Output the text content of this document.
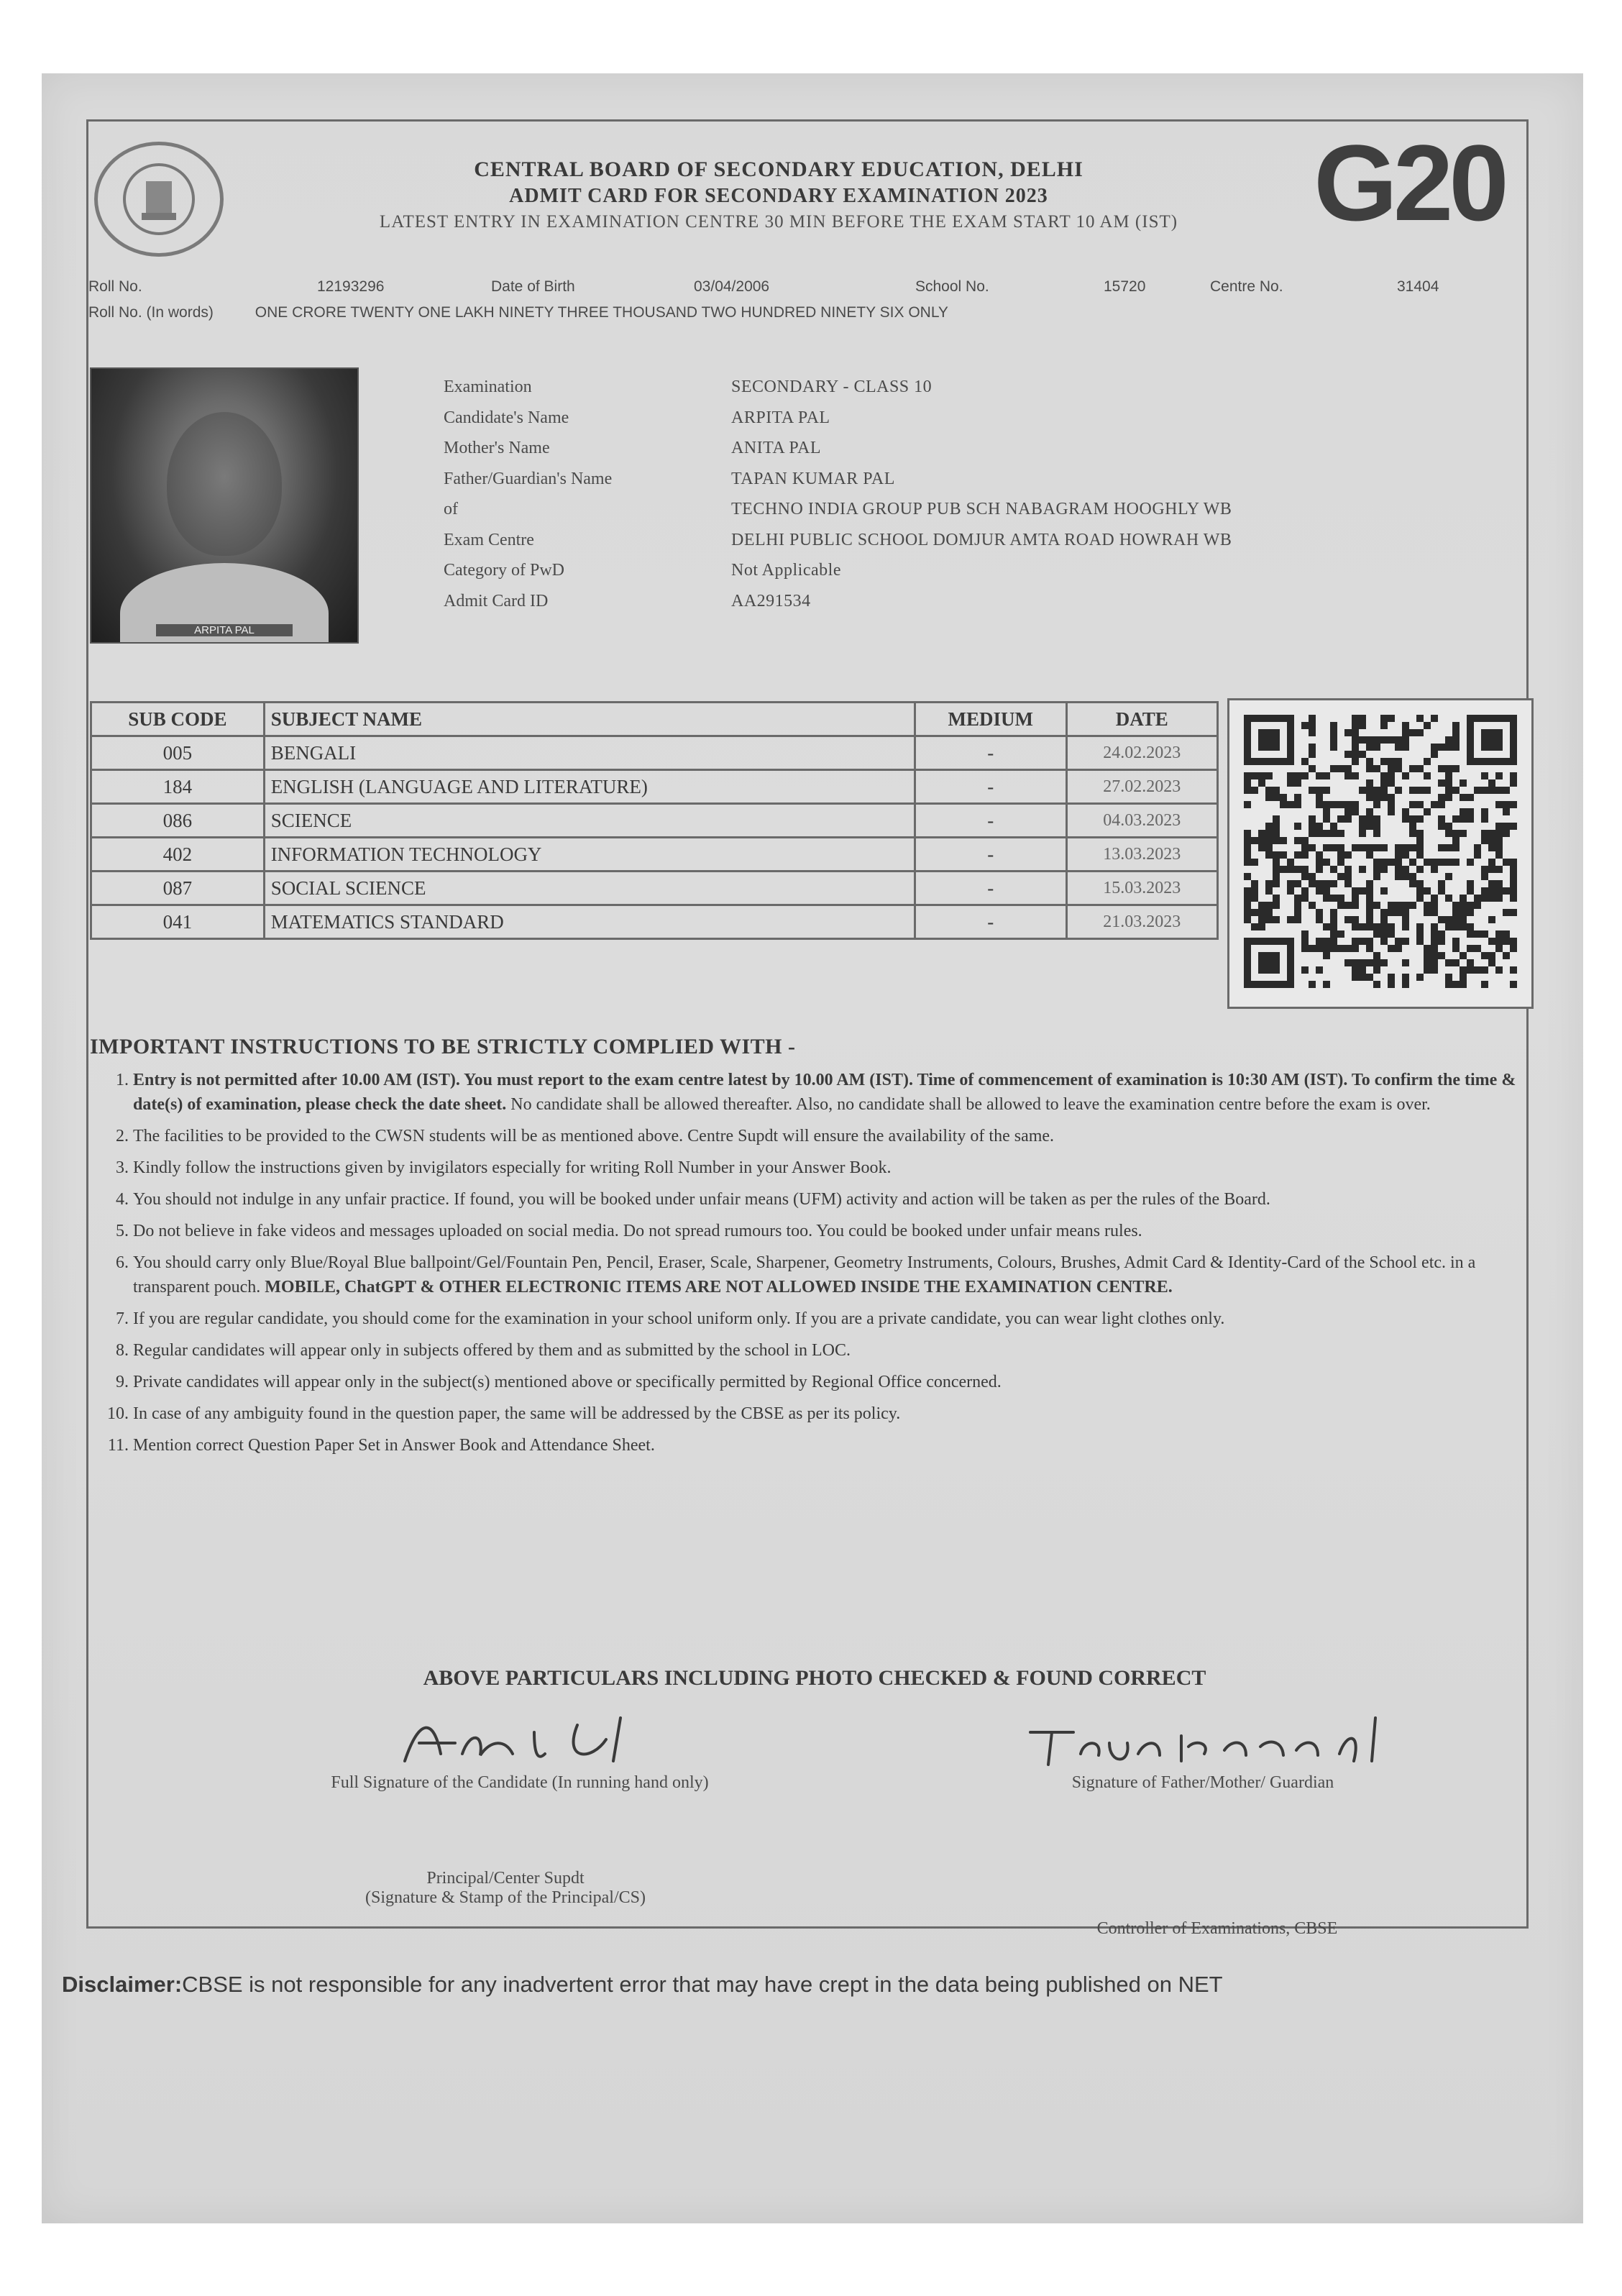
CENTRAL BOARD OF SECONDARY EDUCATION, DELHI
ADMIT CARD FOR SECONDARY EXAMINATION 2023
LATEST ENTRY IN EXAMINATION CENTRE 30 MIN BEFORE THE EXAM START 10 AM (IST)	G20
Roll No.	12193296	Date of Birth	03/04/2006	School No.	15720	Centre No.	31404
Roll No. (In words)	ONE CRORE TWENTY ONE LAKH NINETY THREE THOUSAND TWO HUNDRED NINETY SIX ONLY
ARPITA PAL
Examination	SECONDARY - CLASS 10
Candidate's Name	ARPITA PAL
Mother's Name	ANITA PAL
Father/Guardian's Name	TAPAN KUMAR PAL
of	TECHNO INDIA GROUP PUB SCH NABAGRAM HOOGHLY WB
Exam Centre	DELHI PUBLIC SCHOOL DOMJUR AMTA ROAD HOWRAH WB
Category of PwD	Not Applicable
Admit Card ID	AA291534
SUB CODE	SUBJECT NAME	MEDIUM	DATE
005	BENGALI	-	24.02.2023
184	ENGLISH (LANGUAGE AND LITERATURE)	-	27.02.2023
086	SCIENCE	-	04.03.2023
402	INFORMATION TECHNOLOGY	-	13.03.2023
087	SOCIAL SCIENCE	-	15.03.2023
041	MATEMATICS STANDARD	-	21.03.2023
IMPORTANT INSTRUCTIONS TO BE STRICTLY COMPLIED WITH -
1. Entry is not permitted after 10.00 AM (IST). You must report to the exam centre latest by 10.00 AM (IST). Time of commencement of examination is 10:30 AM (IST). To confirm the time & date(s) of examination, please check the date sheet. No candidate shall be allowed thereafter. Also, no candidate shall be allowed to leave the examination centre before the exam is over.
2. The facilities to be provided to the CWSN students will be as mentioned above. Centre Supdt will ensure the availability of the same.
3. Kindly follow the instructions given by invigilators especially for writing Roll Number in your Answer Book.
4. You should not indulge in any unfair practice. If found, you will be booked under unfair means (UFM) activity and action will be taken as per the rules of the Board.
5. Do not believe in fake videos and messages uploaded on social media. Do not spread rumours too. You could be booked under unfair means rules.
6. You should carry only Blue/Royal Blue ballpoint/Gel/Fountain Pen, Pencil, Eraser, Scale, Sharpener, Geometry Instruments, Colours, Brushes, Admit Card & Identity-Card of the School etc. in a transparent pouch. MOBILE, ChatGPT & OTHER ELECTRONIC ITEMS ARE NOT ALLOWED INSIDE THE EXAMINATION CENTRE.
7. If you are regular candidate, you should come for the examination in your school uniform only. If you are a private candidate, you can wear light clothes only.
8. Regular candidates will appear only in subjects offered by them and as submitted by the school in LOC.
9. Private candidates will appear only in the subject(s) mentioned above or specifically permitted by Regional Office concerned.
10. In case of any ambiguity found in the question paper, the same will be addressed by the CBSE as per its policy.
11. Mention correct Question Paper Set in Answer Book and Attendance Sheet.
ABOVE PARTICULARS INCLUDING PHOTO CHECKED & FOUND CORRECT
Full Signature of the Candidate (In running hand only)	Signature of Father/Mother/ Guardian
Principal/Center Supdt
(Signature & Stamp of the Principal/CS)
Controller of Examinations, CBSE
Disclaimer:CBSE is not responsible for any inadvertent error that may have crept in the data being published on NET
